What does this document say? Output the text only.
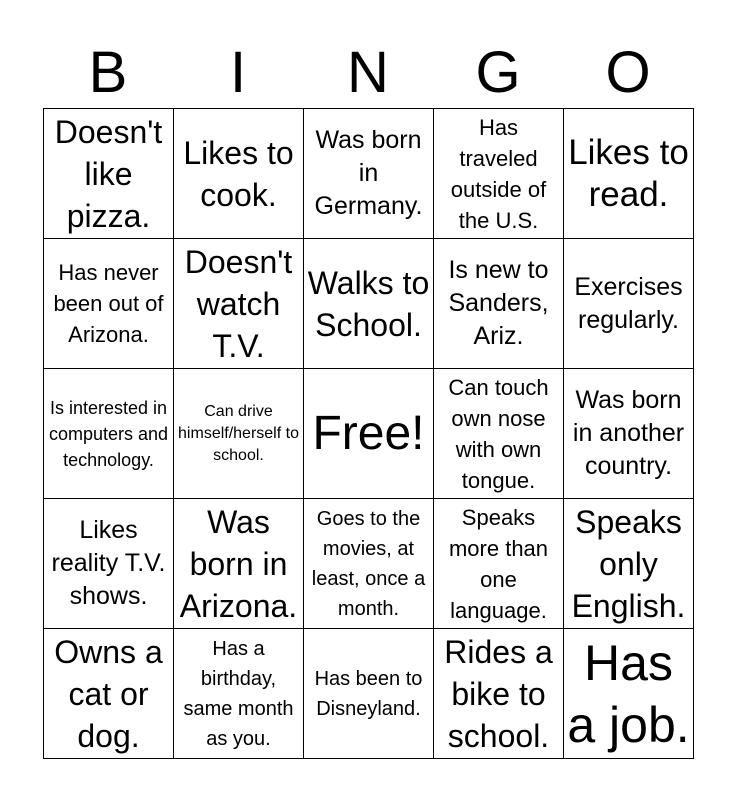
B	I	N	G	O
Doesn't like pizza.	Likes to cook.	Was born in Germany.	Has traveled outside of the U.S.	Likes to read.
Has never been out of Arizona.	Doesn't watch T.V.	Walks to School.	Is new to Sanders, Ariz.	Exercises regularly.
Is interested in computers and technology.	Can drive himself/herself to school.	Free!	Can touch own nose with own tongue.	Was born in another country.
Likes reality T.V. shows.	Was born in Arizona.	Goes to the movies, at least, once a month.	Speaks more than one language.	Speaks only English.
Owns a cat or dog.	Has a birthday, same month as you.	Has been to Disneyland.	Rides a bike to school.	Has a job.
